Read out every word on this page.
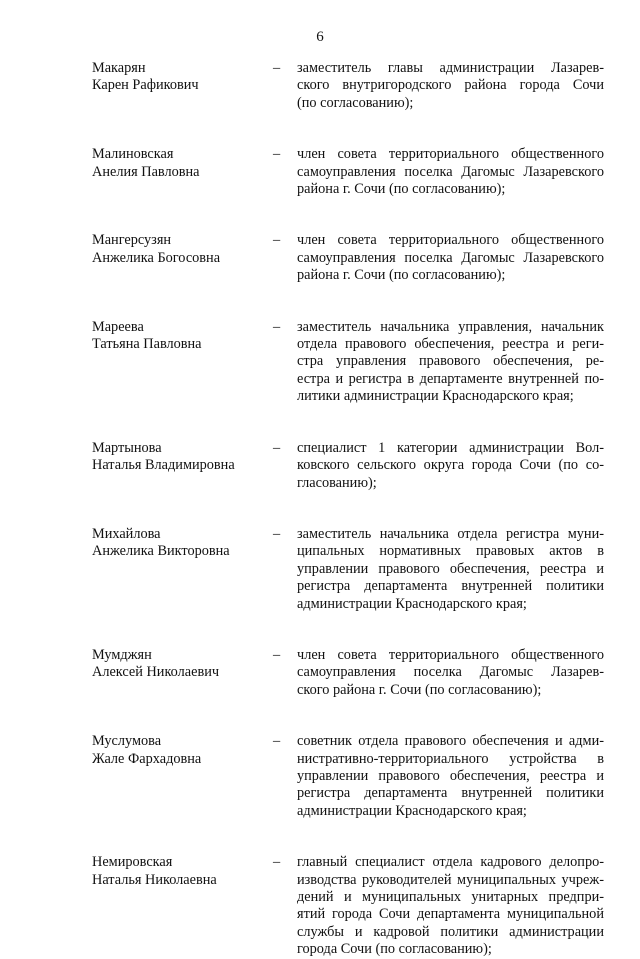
6
Макарян
Карен Рафикович
– заместитель главы администрации Лазарев-
ского внутригородского района города Сочи
(по согласованию);
Малиновская
Анелия Павловна
– член совета территориального общественного
самоуправления поселка Дагомыс Лазаревского
района г. Сочи (по согласованию);
Мангерсузян
Анжелика Богосовна
– член совета территориального общественного
самоуправления поселка Дагомыс Лазаревского
района г. Сочи (по согласованию);
Мареева
Татьяна Павловна
– заместитель начальника управления, начальник
отдела правового обеспечения, реестра и реги-
стра управления правового обеспечения, ре-
естра и регистра в департаменте внутренней по-
литики администрации Краснодарского края;
Мартынова
Наталья Владимировна
– специалист 1 категории администрации Вол-
ковского сельского округа города Сочи (по со-
гласованию);
Михайлова
Анжелика Викторовна
– заместитель начальника отдела регистра муни-
ципальных нормативных правовых актов в
управлении правового обеспечения, реестра и
регистра департамента внутренней политики
администрации Краснодарского края;
Мумджян
Алексей Николаевич
– член совета территориального общественного
самоуправления поселка Дагомыс Лазарев-
ского района г. Сочи (по согласованию);
Муслумова
Жале Фархадовна
– советник отдела правового обеспечения и адми-
нистративно-территориального устройства в
управлении правового обеспечения, реестра и
регистра департамента внутренней политики
администрации Краснодарского края;
Немировская
Наталья Николаевна
– главный специалист отдела кадрового делопро-
изводства руководителей муниципальных учреж-
дений и муниципальных унитарных предпри-
ятий города Сочи департамента муниципальной
службы и кадровой политики администрации
города Сочи (по согласованию);
